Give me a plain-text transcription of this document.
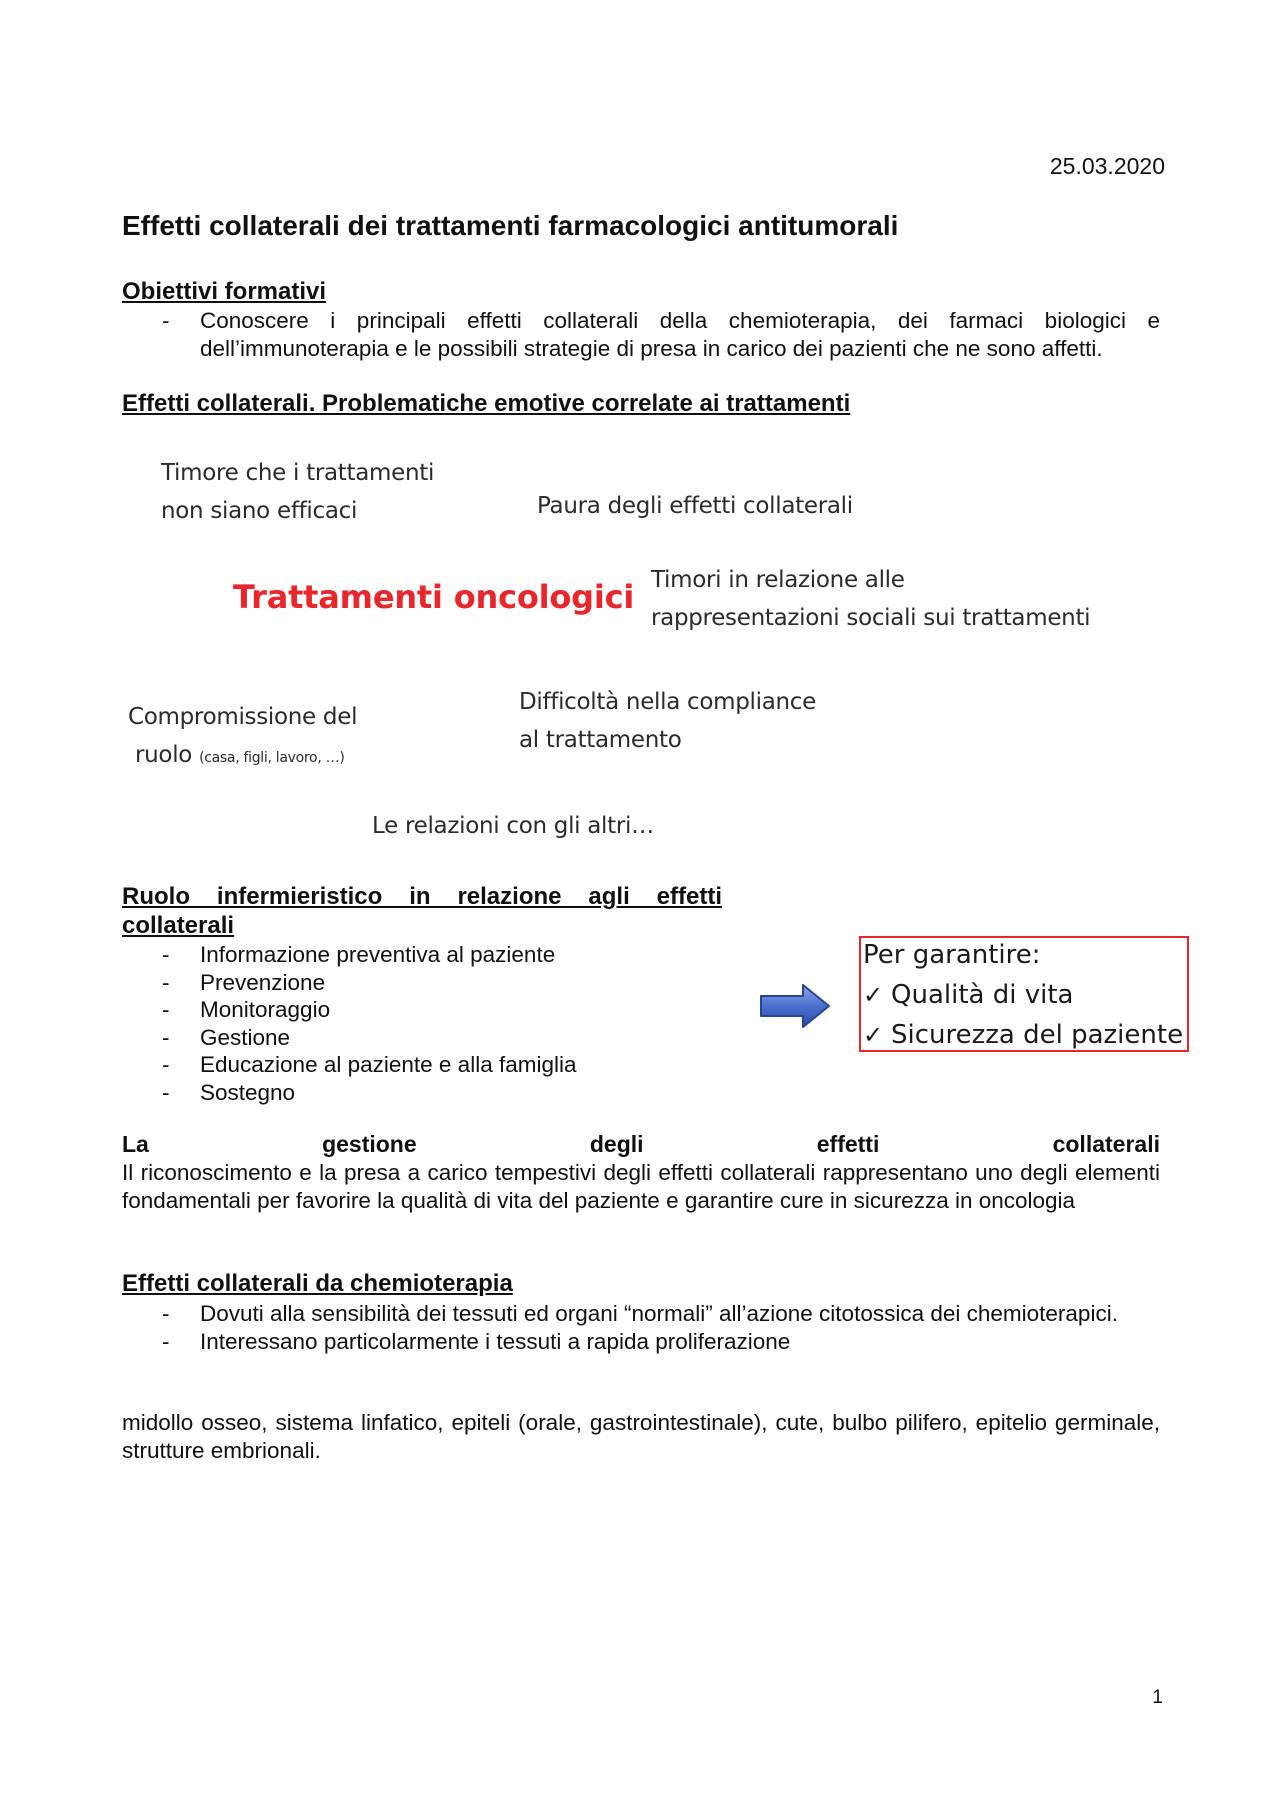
25.03.2020
Effetti collaterali dei trattamenti farmacologici antitumorali
Obiettivi formativi
- Conoscere i principali effetti collaterali della chemioterapia, dei farmaci biologici e dell’immunoterapia e le possibili strategie di presa in carico dei pazienti che ne sono affetti.
Effetti collaterali. Problematiche emotive correlate ai trattamenti
Timore che i trattamenti
non siano efficaci	Paura degli effetti collaterali
Trattamenti oncologici Timori in relazione alle
rappresentazioni sociali sui trattamenti
Compromissione del
ruolo (casa, figli, lavoro, …)
Difficoltà nella compliance
al trattamento
Le relazioni con gli altri…
Ruolo infermieristico in relazione agli effetti
collaterali
- Informazione preventiva al paziente
- Prevenzione
- Monitoraggio
- Gestione
- Educazione al paziente e alla famiglia
- Sostegno
Per garantire:
✓ Qualità di vita
✓ Sicurezza del paziente
La	gestione	degli	effetti	collaterali

Il riconoscimento e la presa a carico tempestivi degli effetti collaterali rappresentano uno degli elementi fondamentali per favorire la qualità di vita del paziente e garantire cure in sicurezza in oncologia

Effetti collaterali da chemioterapia
- Dovuti alla sensibilità dei tessuti ed organi “normali” all’azione citotossica dei chemioterapici.
- Interessano particolarmente i tessuti a rapida proliferazione

midollo osseo, sistema linfatico, epiteli (orale, gastrointestinale), cute, bulbo pilifero, epitelio germinale, strutture embrionali.

1
